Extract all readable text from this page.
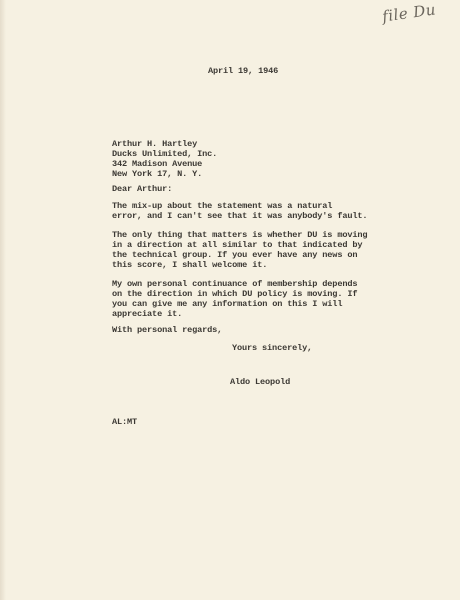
file Du
April 19, 1946
Arthur H. Hartley
Ducks Unlimited, Inc.
342 Madison Avenue
New York 17, N. Y.
Dear Arthur:
The mix-up about the statement was a natural
error, and I can't see that it was anybody's fault.
The only thing that matters is whether DU is moving
in a direction at all similar to that indicated by
the technical group. If you ever have any news on
this score, I shall welcome it.
My own personal continuance of membership depends
on the direction in which DU policy is moving. If
you can give me any information on this I will
appreciate it.
With personal regards,
Yours sincerely,
Aldo Leopold
AL:MT
